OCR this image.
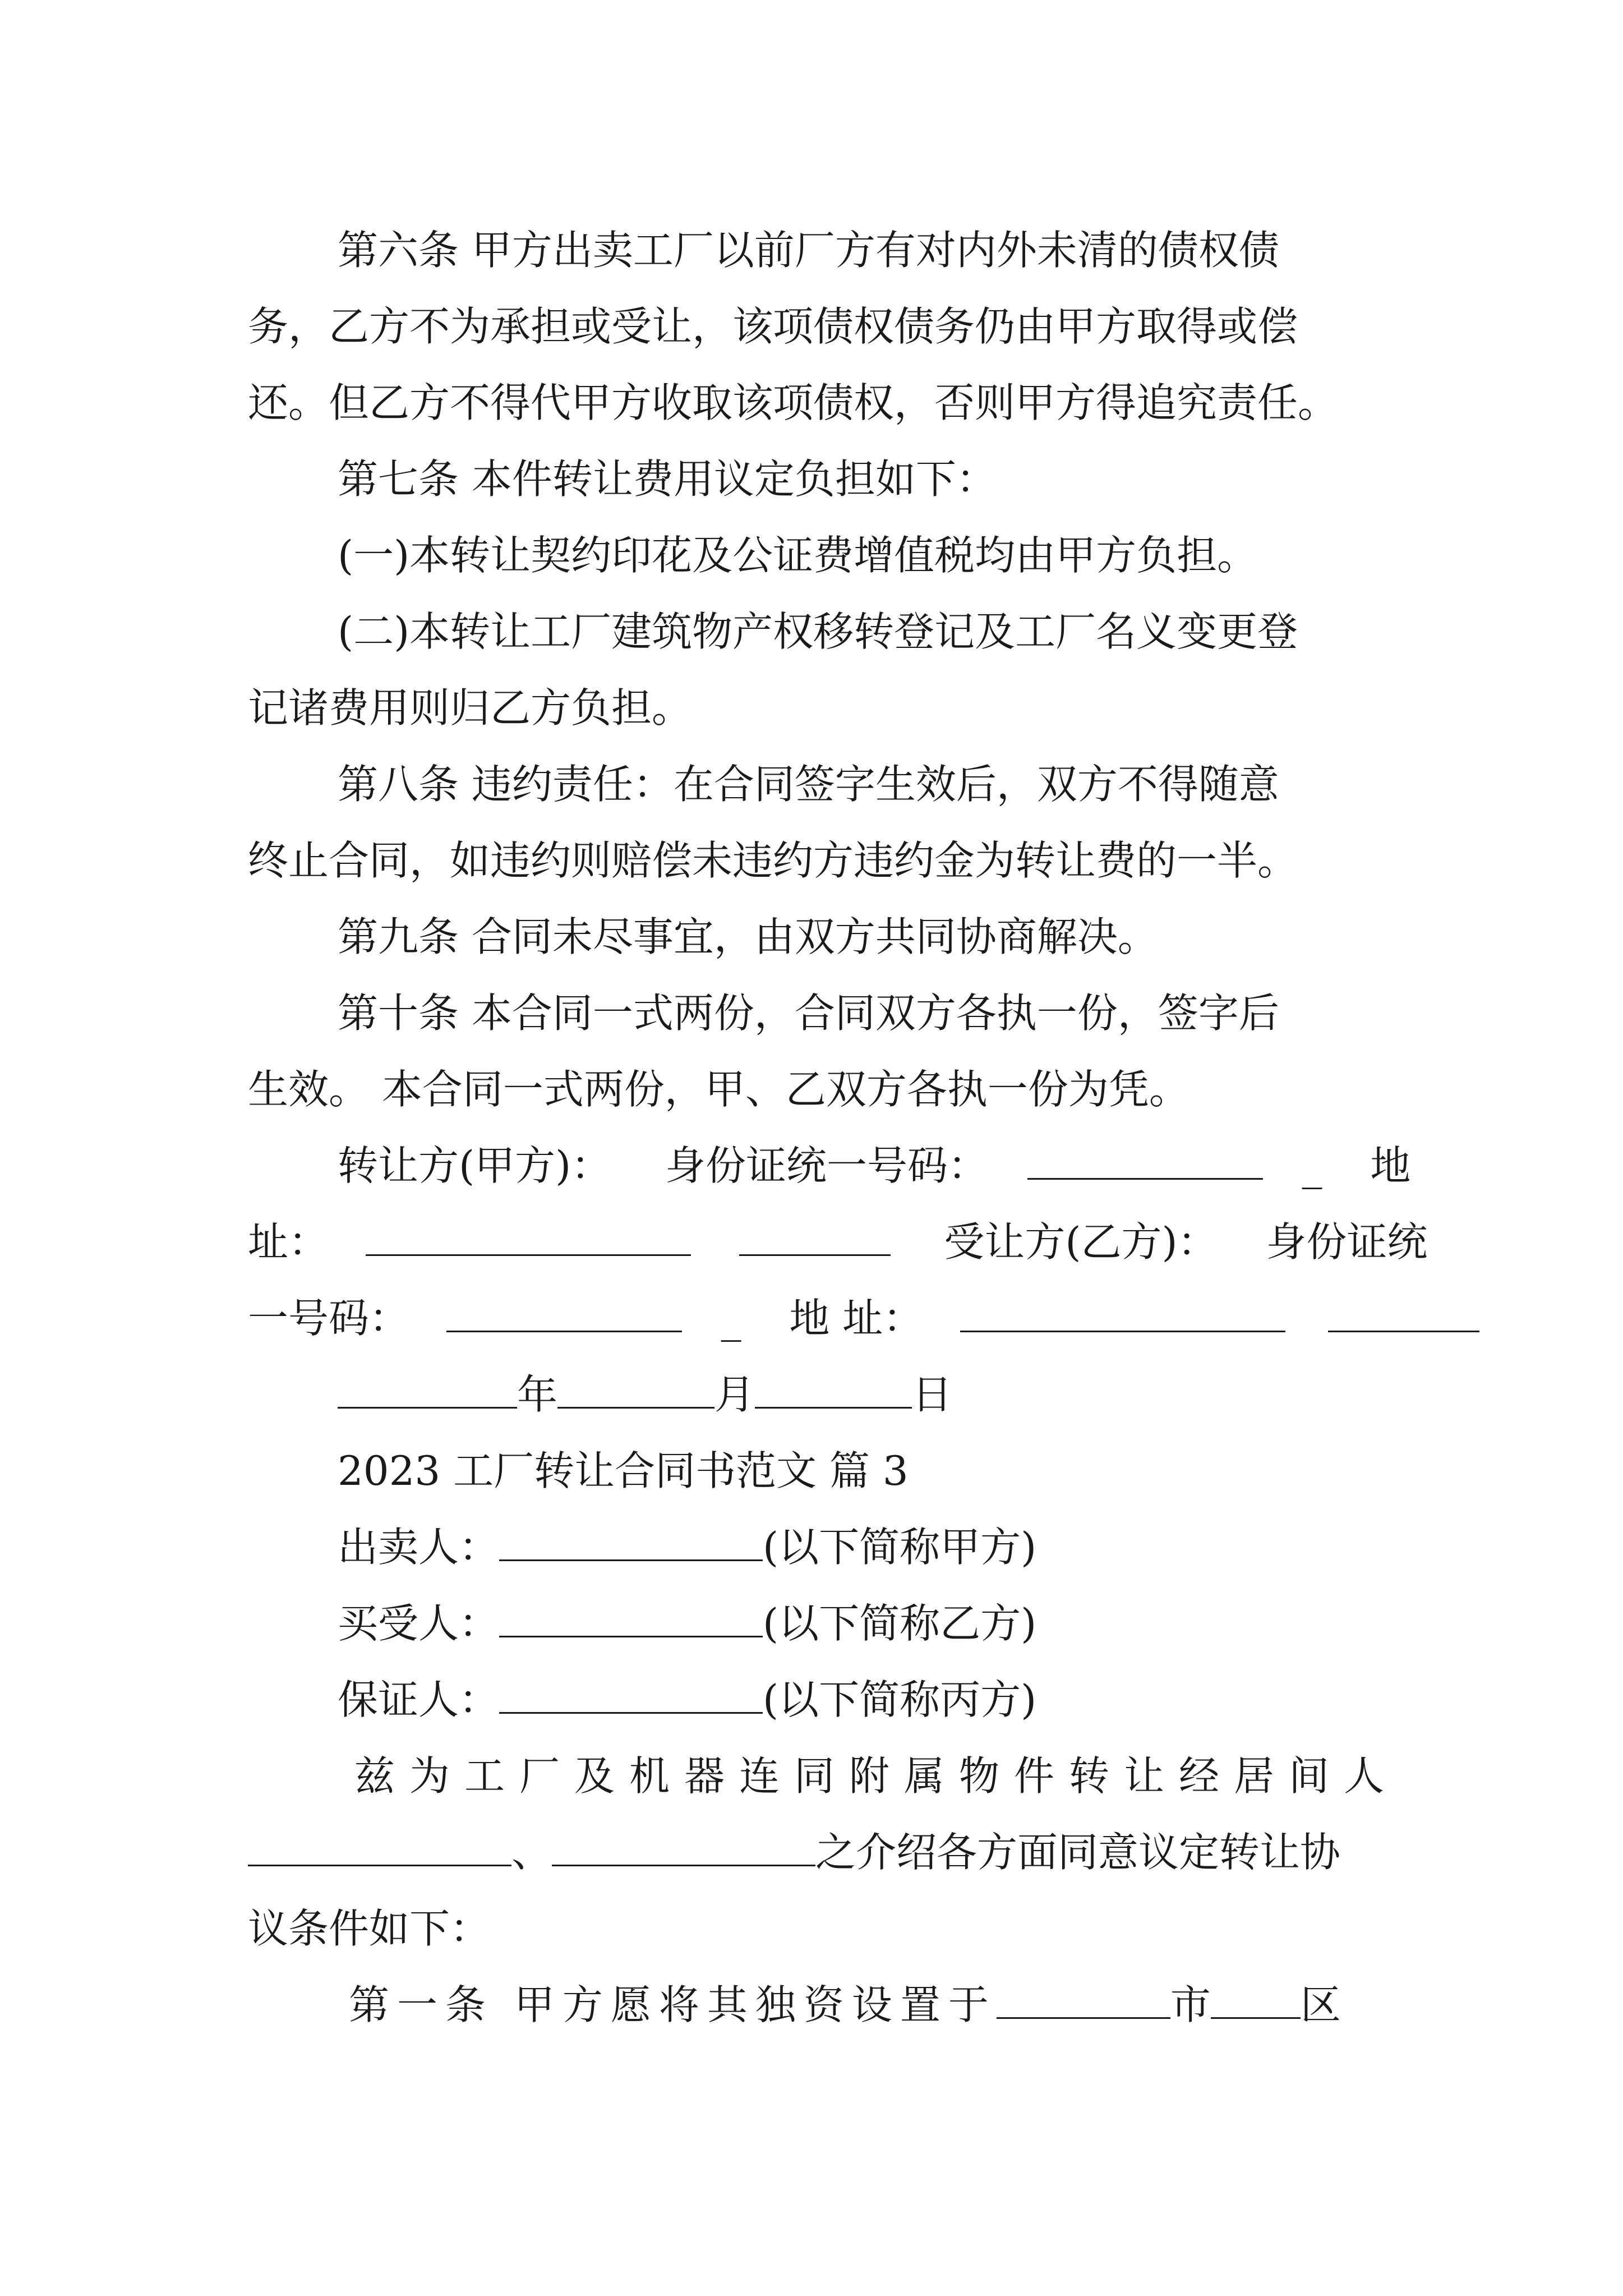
第六条 甲方出卖工厂以前厂方有对内外未清的债权债

务，乙方不为承担或受让，该项债权债务仍由甲方取得或偿

还。但乙方不得代甲方收取该项债权，否则甲方得追究责任。

第七条 本件转让费用议定负担如下：

(一)本转让契约印花及公证费增值税均由甲方负担。

(二)本转让工厂建筑物产权移转登记及工厂名义变更登

记诸费用则归乙方负担。

第八条 违约责任：在合同签字生效后，双方不得随意

终止合同，如违约则赔偿未违约方违约金为转让费的一半。

第九条 合同未尽事宜，由双方共同协商解决。

第十条 本合同一式两份，合同双方各执一份，签字后

生效。 本合同一式两份，甲、乙双方各执一份为凭。

转让方(甲方)： 身份证统一号码：	_ 地

址：	受让方(乙方)： 身份证统

一号码：	_ 地 址：

年	月	日

2023 工厂转让合同书范文 篇 3

出卖人：	(以下简称甲方)

买受人：	(以下简称乙方)

保证人：	(以下简称丙方)

兹为工厂及机器连同附属物件转让经居间人

、	之介绍各方面同意议定转让协

议条件如下：

第一条 甲方愿将其独资设置于	市 区
